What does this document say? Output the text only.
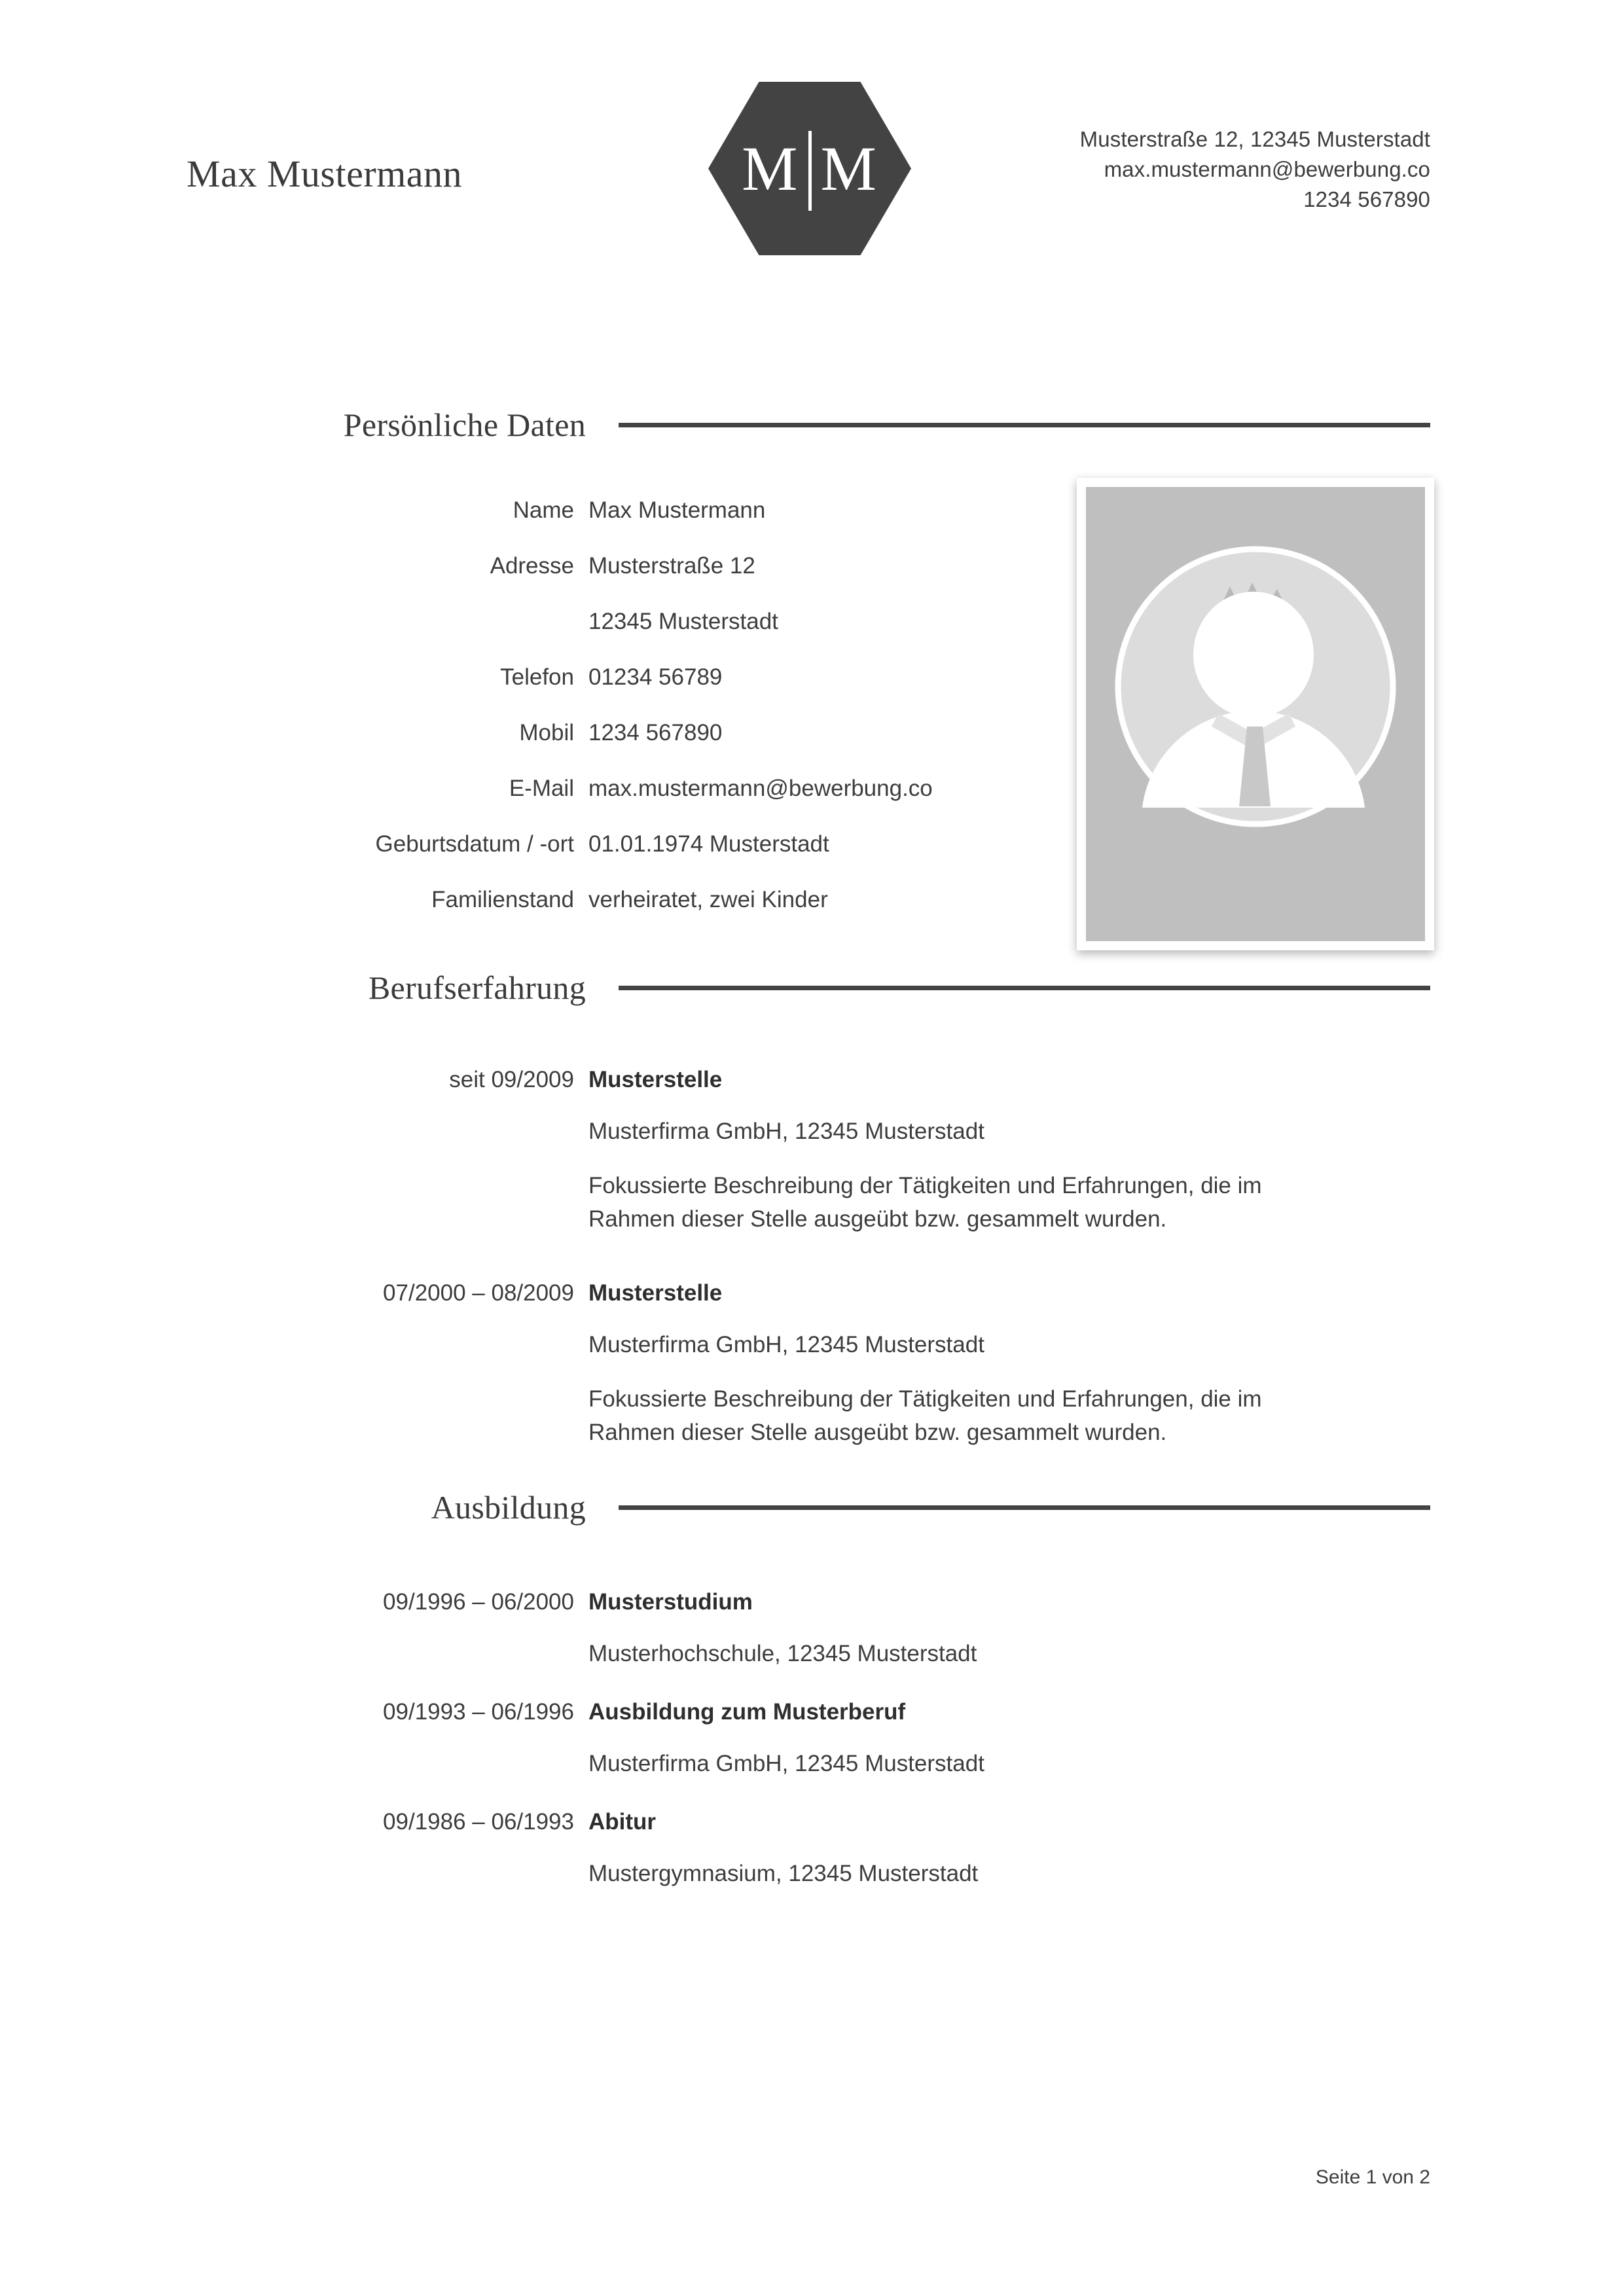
Max Mustermann	M M	Musterstraße 12, 12345 Musterstadt
max.mustermann@bewerbung.co
1234 567890
Persönliche Daten
Name Max Mustermann
Adresse Musterstraße 12
12345 Musterstadt
Telefon 01234 56789
Mobil 1234 567890
E-Mail max.mustermann@bewerbung.co
Geburtsdatum / -ort 01.01.1974 Musterstadt
Familienstand verheiratet, zwei Kinder
Berufserfahrung
seit 09/2009 Musterstelle
Musterfirma GmbH, 12345 Musterstadt
Fokussierte Beschreibung der Tätigkeiten und Erfahrungen, die im Rahmen dieser Stelle ausgeübt bzw. gesammelt wurden.
07/2000 – 08/2009 Musterstelle
Musterfirma GmbH, 12345 Musterstadt
Fokussierte Beschreibung der Tätigkeiten und Erfahrungen, die im Rahmen dieser Stelle ausgeübt bzw. gesammelt wurden.
Ausbildung
09/1996 – 06/2000 Musterstudium
Musterhochschule, 12345 Musterstadt
09/1993 – 06/1996 Ausbildung zum Musterberuf
Musterfirma GmbH, 12345 Musterstadt
09/1986 – 06/1993 Abitur
Mustergymnasium, 12345 Musterstadt
Seite 1 von 2
